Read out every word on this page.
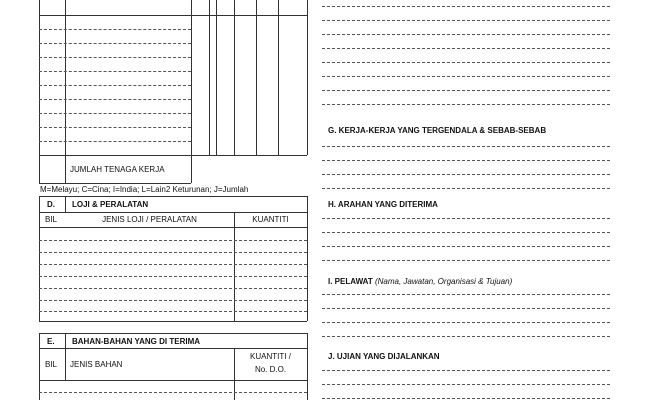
JUMLAH TENAGA KERJA
M=Melayu; C=Cina; I=India; L=Lain2 Keturunan; J=Jumlah
D. LOJI & PERALATAN
BIL	JENIS LOJI / PERALATAN	KUANTITI
E. BAHAN-BAHAN YANG DI TERIMA
BIL JENIS BAHAN
KUANTITI /
No. D.O.
G. KERJA-KERJA YANG TERGENDALA & SEBAB-SEBAB
H. ARAHAN YANG DITERIMA
I. PELAWAT (Nama, Jawatan, Organisasi & Tujuan)
J. UJIAN YANG DIJALANKAN
